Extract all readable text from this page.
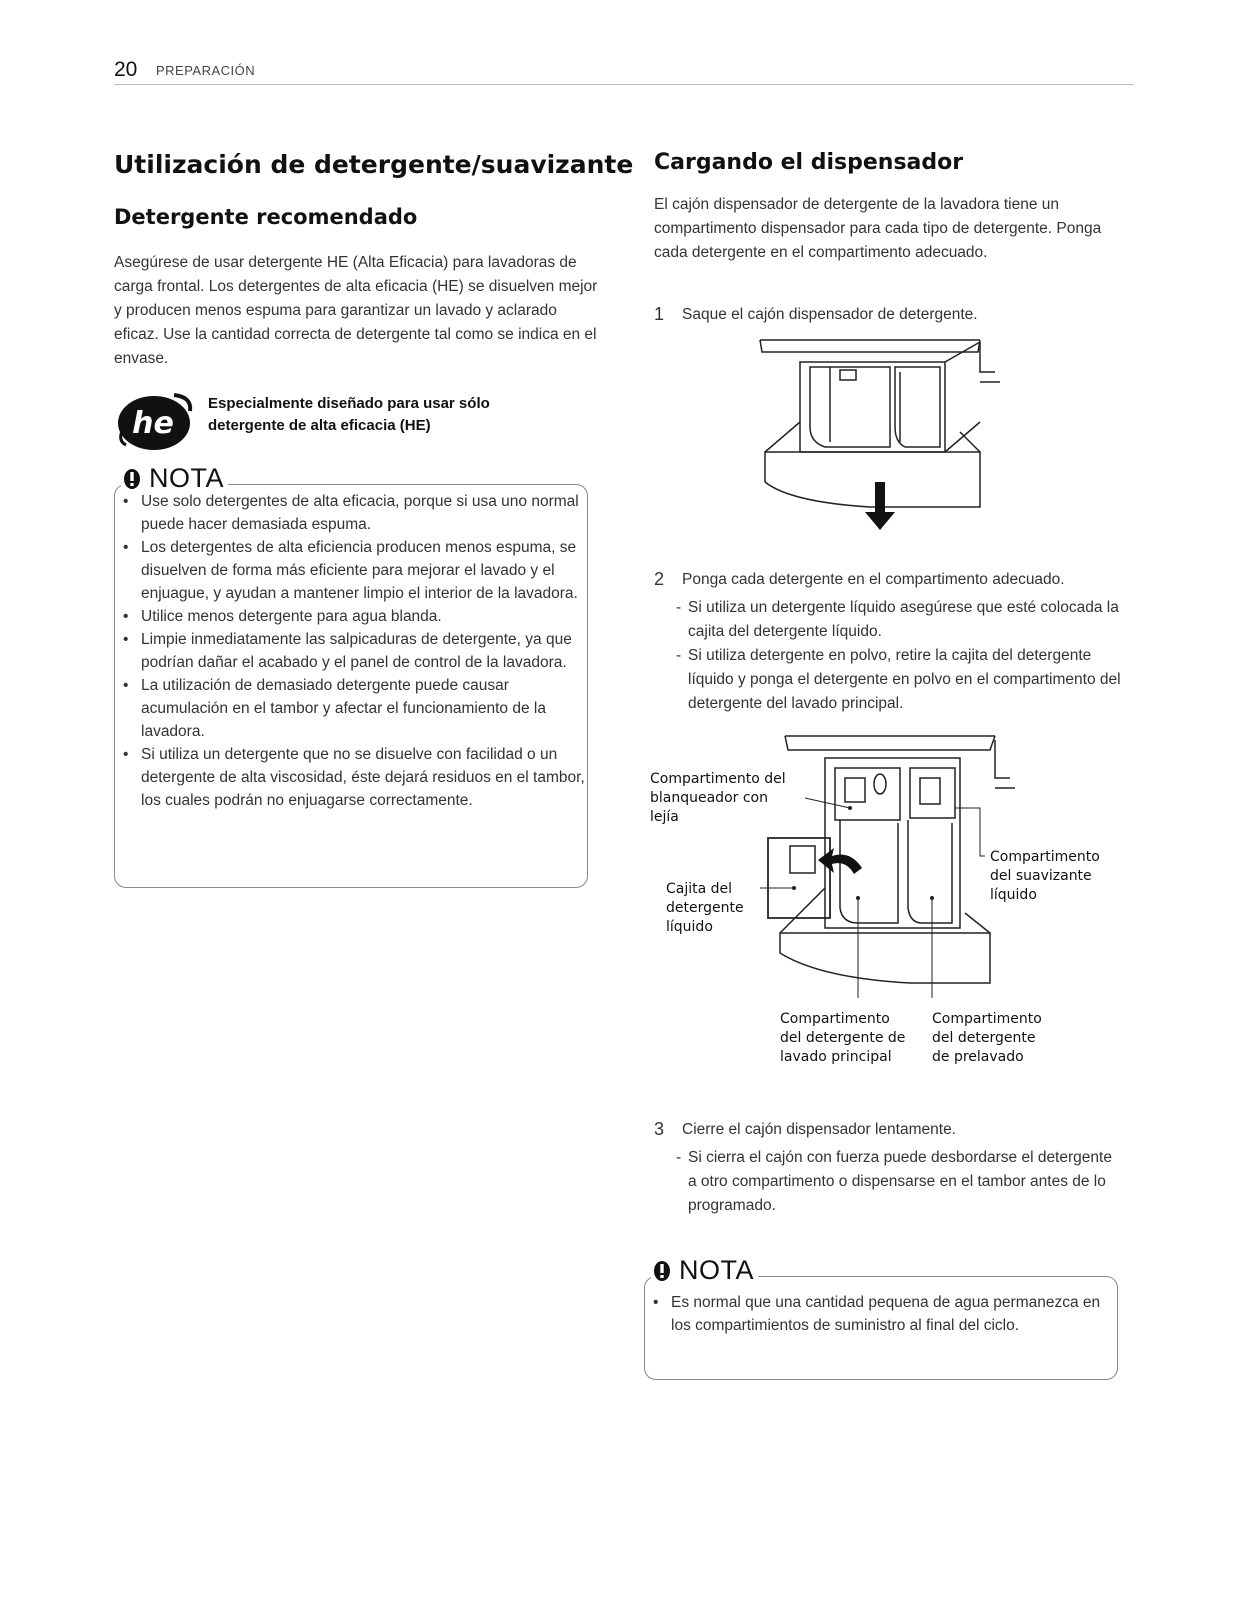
20 PREPARACIÓN
Utilización de detergente/suavizante
Detergente recomendado

Asegúrese de usar detergente HE (Alta Eficacia) para lavadoras de carga frontal. Los detergentes de alta eficacia (HE) se disuelven mejor y producen menos espuma para garantizar un lavado y aclarado eficaz. Use la cantidad correcta de detergente tal como se indica en el envase.

he
Especialmente diseñado para usar sólo
detergente de alta eficacia (HE)
NOTA
• Use solo detergentes de alta eficacia, porque si usa uno normal puede hacer demasiada espuma.
• Los detergentes de alta eficiencia producen menos espuma, se disuelven de forma más eficiente para mejorar el lavado y el enjuague, y ayudan a mantener limpio el interior de la lavadora.
• Utilice menos detergente para agua blanda.
• Limpie inmediatamente las salpicaduras de detergente, ya que podrían dañar el acabado y el panel de control de la lavadora.
• La utilización de demasiado detergente puede causar acumulación en el tambor y afectar el funcionamiento de la lavadora.
• Si utiliza un detergente que no se disuelve con facilidad o un detergente de alta viscosidad, éste dejará residuos en el tambor, los cuales podrán no enjuagarse correctamente.
Cargando el dispensador

El cajón dispensador de detergente de la lavadora tiene un compartimento dispensador para cada tipo de detergente. Ponga cada detergente en el compartimento adecuado.

1 Saque el cajón dispensador de detergente.
2 Ponga cada detergente en el compartimento adecuado.
- Si utiliza un detergente líquido asegúrese que esté colocada la cajita del detergente líquido.
- Si utiliza detergente en polvo, retire la cajita del detergente líquido y ponga el detergente en polvo en el compartimento del detergente del lavado principal.
Compartimento del
blanqueador con
lejía
Cajita del
detergente
líquido
Compartimento
del suavizante
líquido
Compartimento
del detergente de
lavado principal
Compartimento
del detergente
de prelavado
3 Cierre el cajón dispensador lentamente.
- Si cierra el cajón con fuerza puede desbordarse el detergente a otro compartimento o dispensarse en el tambor antes de lo programado.
NOTA
• Es normal que una cantidad pequena de agua permanezca en los compartimientos de suministro al final del ciclo.
